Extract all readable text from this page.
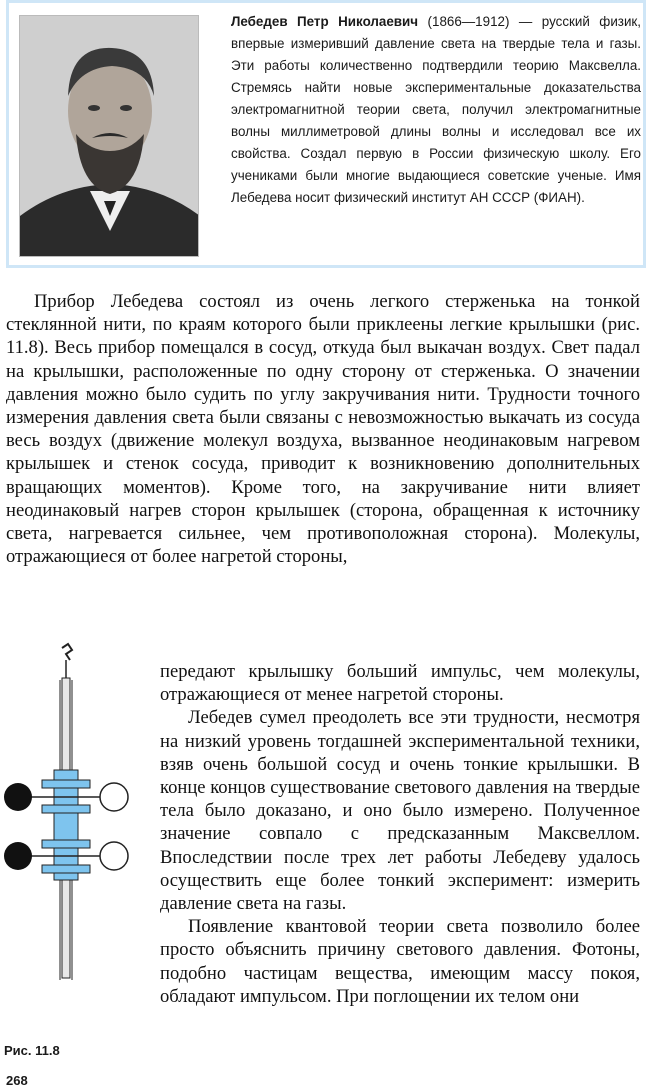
Лебедев Петр Николаевич (1866—1912) — русский физик, впервые измеривший давление света на твердые тела и газы. Эти работы количественно подтвердили теорию Максвелла. Стремясь найти новые экспериментальные доказательства электромагнитной теории света, получил электромагнитные волны миллиметровой длины волны и исследовал все их свойства. Создал первую в России физическую школу. Его учениками были многие выдающиеся советские ученые. Имя Лебедева носит физический институт АН СССР (ФИАН).

Прибор Лебедева состоял из очень легкого стерженька на тонкой стеклянной нити, по краям которого были приклеены легкие крылышки (рис. 11.8). Весь прибор помещался в сосуд, откуда был выкачан воздух. Свет падал на крылышки, расположенные по одну сторону от стерженька. О значении давления можно было судить по углу закручивания нити. Трудности точного измерения давления света были связаны с невозможностью выкачать из сосуда весь воздух (движение молекул воздуха, вызванное неодинаковым нагревом крылышек и стенок сосуда, приводит к возникновению дополнительных вращающих моментов). Кроме того, на закручивание нити влияет неодинаковый нагрев сторон крылышек (сторона, обращенная к источнику света, нагревается сильнее, чем противоположная сторона). Молекулы, отражающиеся от более нагретой стороны,

передают крылышку больший импульс, чем молекулы, отражающиеся от менее нагретой стороны.

Лебедев сумел преодолеть все эти трудности, несмотря на низкий уровень тогдашней экспериментальной техники, взяв очень большой сосуд и очень тонкие крылышки. В конце концов существование светового давления на твердые тела было доказано, и оно было измерено. Полученное значение совпало с предсказанным Максвеллом. Впоследствии после трех лет работы Лебедеву удалось осуществить еще более тонкий эксперимент: измерить давление света на газы.

Появление квантовой теории света позволило более просто объяснить причину светового давления. Фотоны, подобно частицам вещества, имеющим массу покоя, обладают импульсом. При поглощении их телом они

Рис. 11.8
268
